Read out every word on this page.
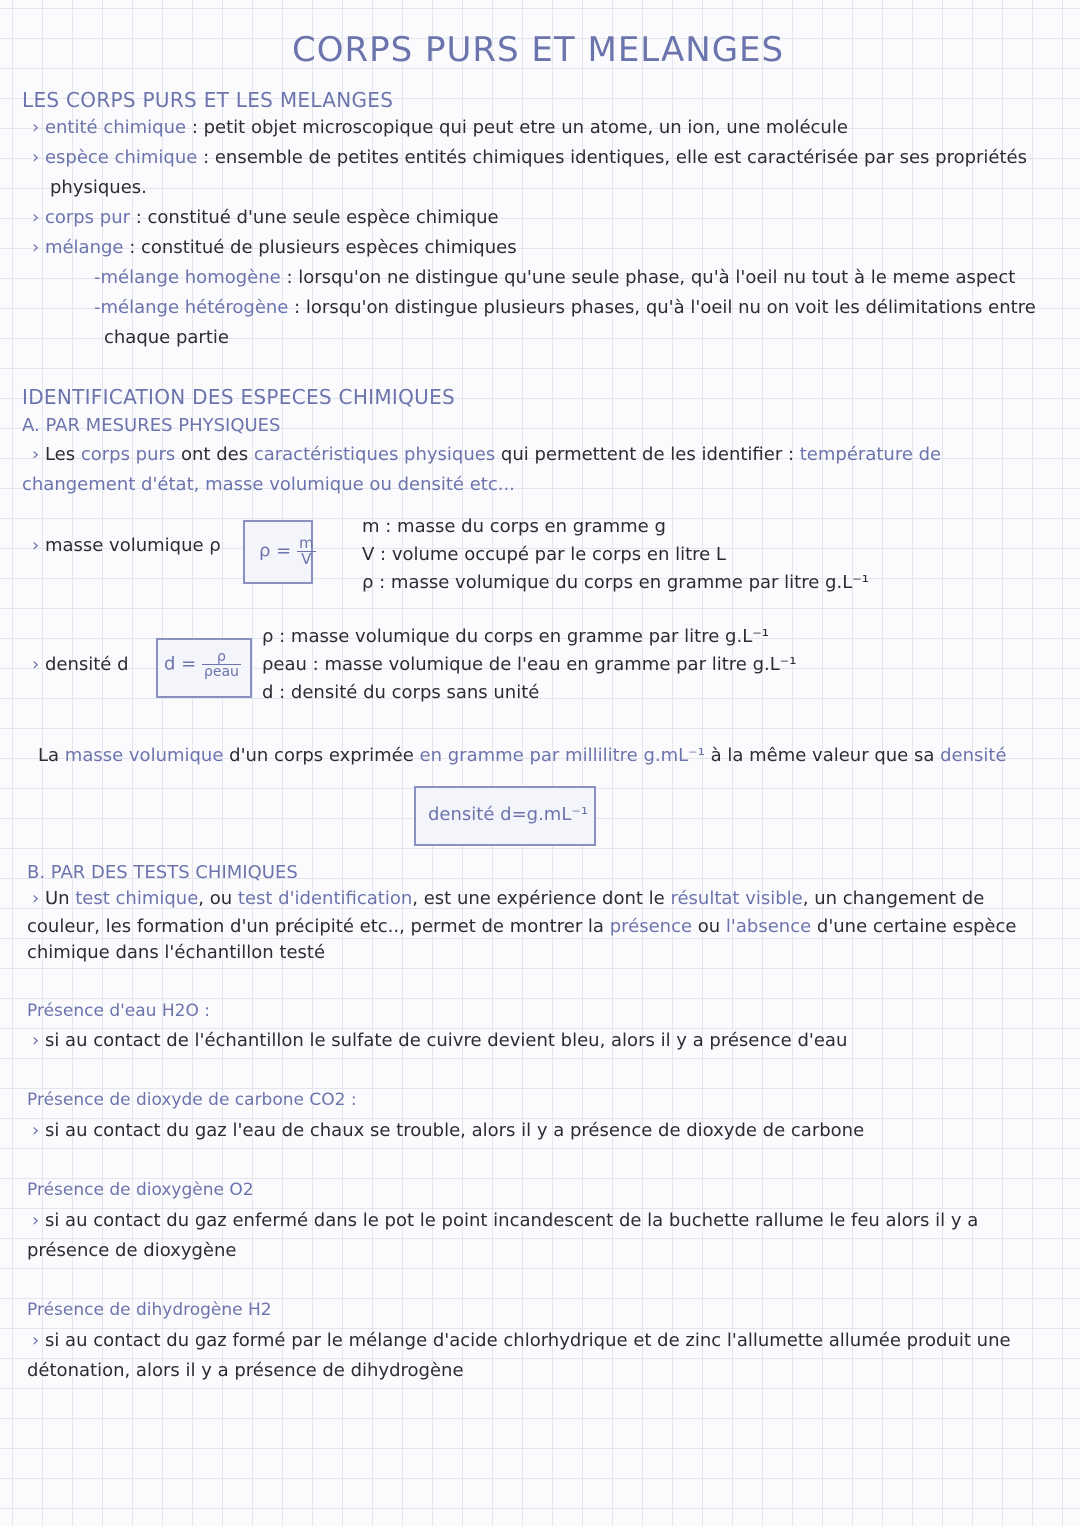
CORPS PURS ET MELANGES
LES CORPS PURS ET LES MELANGES
› entité chimique : petit objet microscopique qui peut etre un atome, un ion, une molécule
› espèce chimique : ensemble de petites entités chimiques identiques, elle est caractérisée par ses propriétés
physiques.
› corps pur : constitué d'une seule espèce chimique
› mélange : constitué de plusieurs espèces chimiques
-mélange homogène : lorsqu'on ne distingue qu'une seule phase, qu'à l'oeil nu tout à le meme aspect
-mélange hétérogène : lorsqu'on distingue plusieurs phases, qu'à l'oeil nu on voit les délimitations entre
chaque partie
IDENTIFICATION DES ESPECES CHIMIQUES
A. PAR MESURES PHYSIQUES
› Les corps purs ont des caractéristiques physiques qui permettent de les identifier : température de
changement d'état, masse volumique ou densité etc...
› masse volumique ρ $\rho = \frac{m}{V}$
m : masse du corps en gramme g
V : volume occupé par le corps en litre L
ρ : masse volumique du corps en gramme par litre g.L⁻¹
› densité d $d = \frac{\rho}{\text{ρeau}}$
ρ : masse volumique du corps en gramme par litre g.L⁻¹
ρeau : masse volumique de l'eau en gramme par litre g.L⁻¹
d : densité du corps sans unité
La masse volumique d'un corps exprimée en gramme par millilitre g.mL⁻¹ à la même valeur que sa densité
densité d=g.mL⁻¹
B. PAR DES TESTS CHIMIQUES
› Un test chimique, ou test d'identification, est une expérience dont le résultat visible, un changement de
couleur, les formation d'un précipité etc.., permet de montrer la présence ou l'absence d'une certaine espèce
chimique dans l'échantillon testé
Présence d'eau H2O :
› si au contact de l'échantillon le sulfate de cuivre devient bleu, alors il y a présence d'eau
Présence de dioxyde de carbone CO2 :
› si au contact du gaz l'eau de chaux se trouble, alors il y a présence de dioxyde de carbone
Présence de dioxygène O2
› si au contact du gaz enfermé dans le pot le point incandescent de la buchette rallume le feu alors il y a
présence de dioxygène
Présence de dihydrogène H2
› si au contact du gaz formé par le mélange d'acide chlorhydrique et de zinc l'allumette allumée produit une
détonation, alors il y a présence de dihydrogène
